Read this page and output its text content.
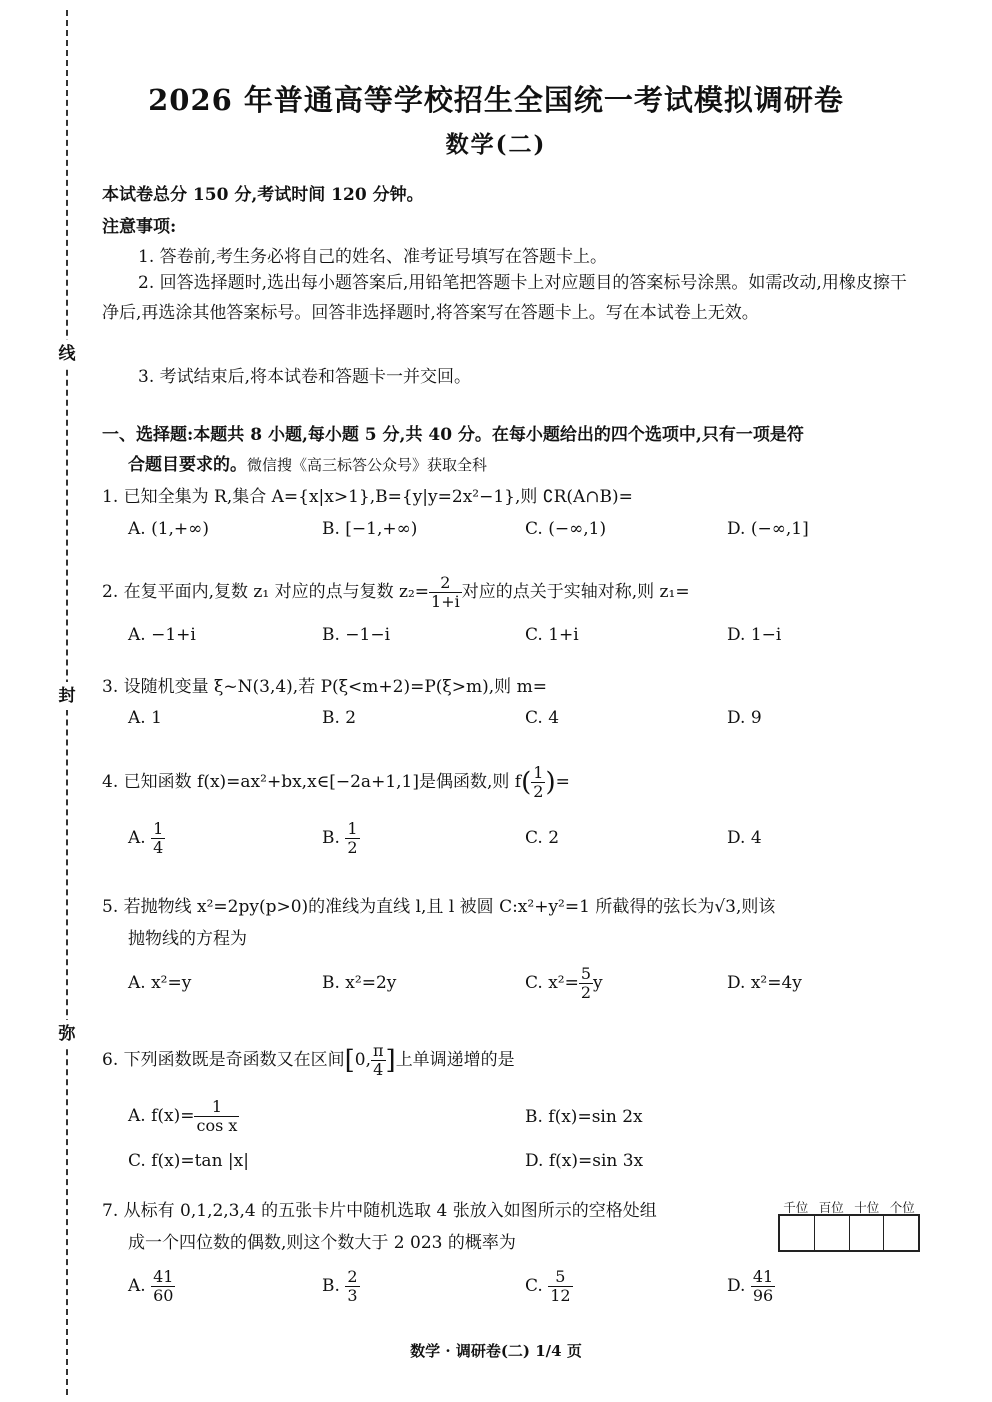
线
封
弥
2026 年普通高等学校招生全国统一考试模拟调研卷
数学(二)
本试卷总分 150 分,考试时间 120 分钟。
注意事项:
1. 答卷前,考生务必将自己的姓名、准考证号填写在答题卡上。
2. 回答选择题时,选出每小题答案后,用铅笔把答题卡上对应题目的答案标号涂黑。如需改动,用橡皮擦干净后,再选涂其他答案标号。回答非选择题时,将答案写在答题卡上。写在本试卷上无效。
3. 考试结束后,将本试卷和答题卡一并交回。
一、选择题:本题共 8 小题,每小题 5 分,共 40 分。在每小题给出的四个选项中,只有一项是符
合题目要求的。微信搜《高三标答公众号》获取全科
1. 已知全集为 R,集合 A={x|x>1},B={y|y=2x²−1},则 ∁R(A∩B)=
A. (1,+∞)	B. [−1,+∞)	C. (−∞,1)	D. (−∞,1]
2. 在复平面内,复数 z₁ 对应的点与复数 $z_2= \frac{2}{1+i}$ 对应的点关于实轴对称,则 z₁=
A. −1+i	B. −1−i	C. 1+i	D. 1−i
3. 设随机变量 ξ~N(3,4),若 P(ξ<m+2)=P(ξ>m),则 m=
A. 1	B. 2	C. 4	D. 9
4. 已知函数 f(x)=ax²+bx,x∈[−2a+1,1]是偶函数,则 $f( \frac{1}{2}$ )=
A. $\frac{1}{4}$	B. $\frac{1}{2}$	C. 2	D. 4
5. 若抛物线 x²=2py(p>0)的准线为直线 l,且 l 被圆 C:x²+y²=1 所截得的弦长为√3,则该
抛物线的方程为
A. x²=y	B. x²=2y	C. $x^2= \frac{5}{2}$ y	D. x²=4y
6. 下列函数既是奇函数又在区间[0, $\frac{\pi}{4}$ ]上单调递增的是
A. $f(x)= \frac{1}{\text{cos x}}$	B. f(x)=sin 2x
C. f(x)=tan |x|	D. f(x)=sin 3x
7. 从标有 0,1,2,3,4 的五张卡片中随机选取 4 张放入如图所示的空格处组
成一个四位数的偶数,则这个数大于 2 023 的概率为
千位 百位 十位 个位
A. $\frac{41}{60}$	B. $\frac{2}{3}$	C. $\frac{5}{12}$	D. $\frac{41}{96}$
数学 · 调研卷(二) 1/4 页
